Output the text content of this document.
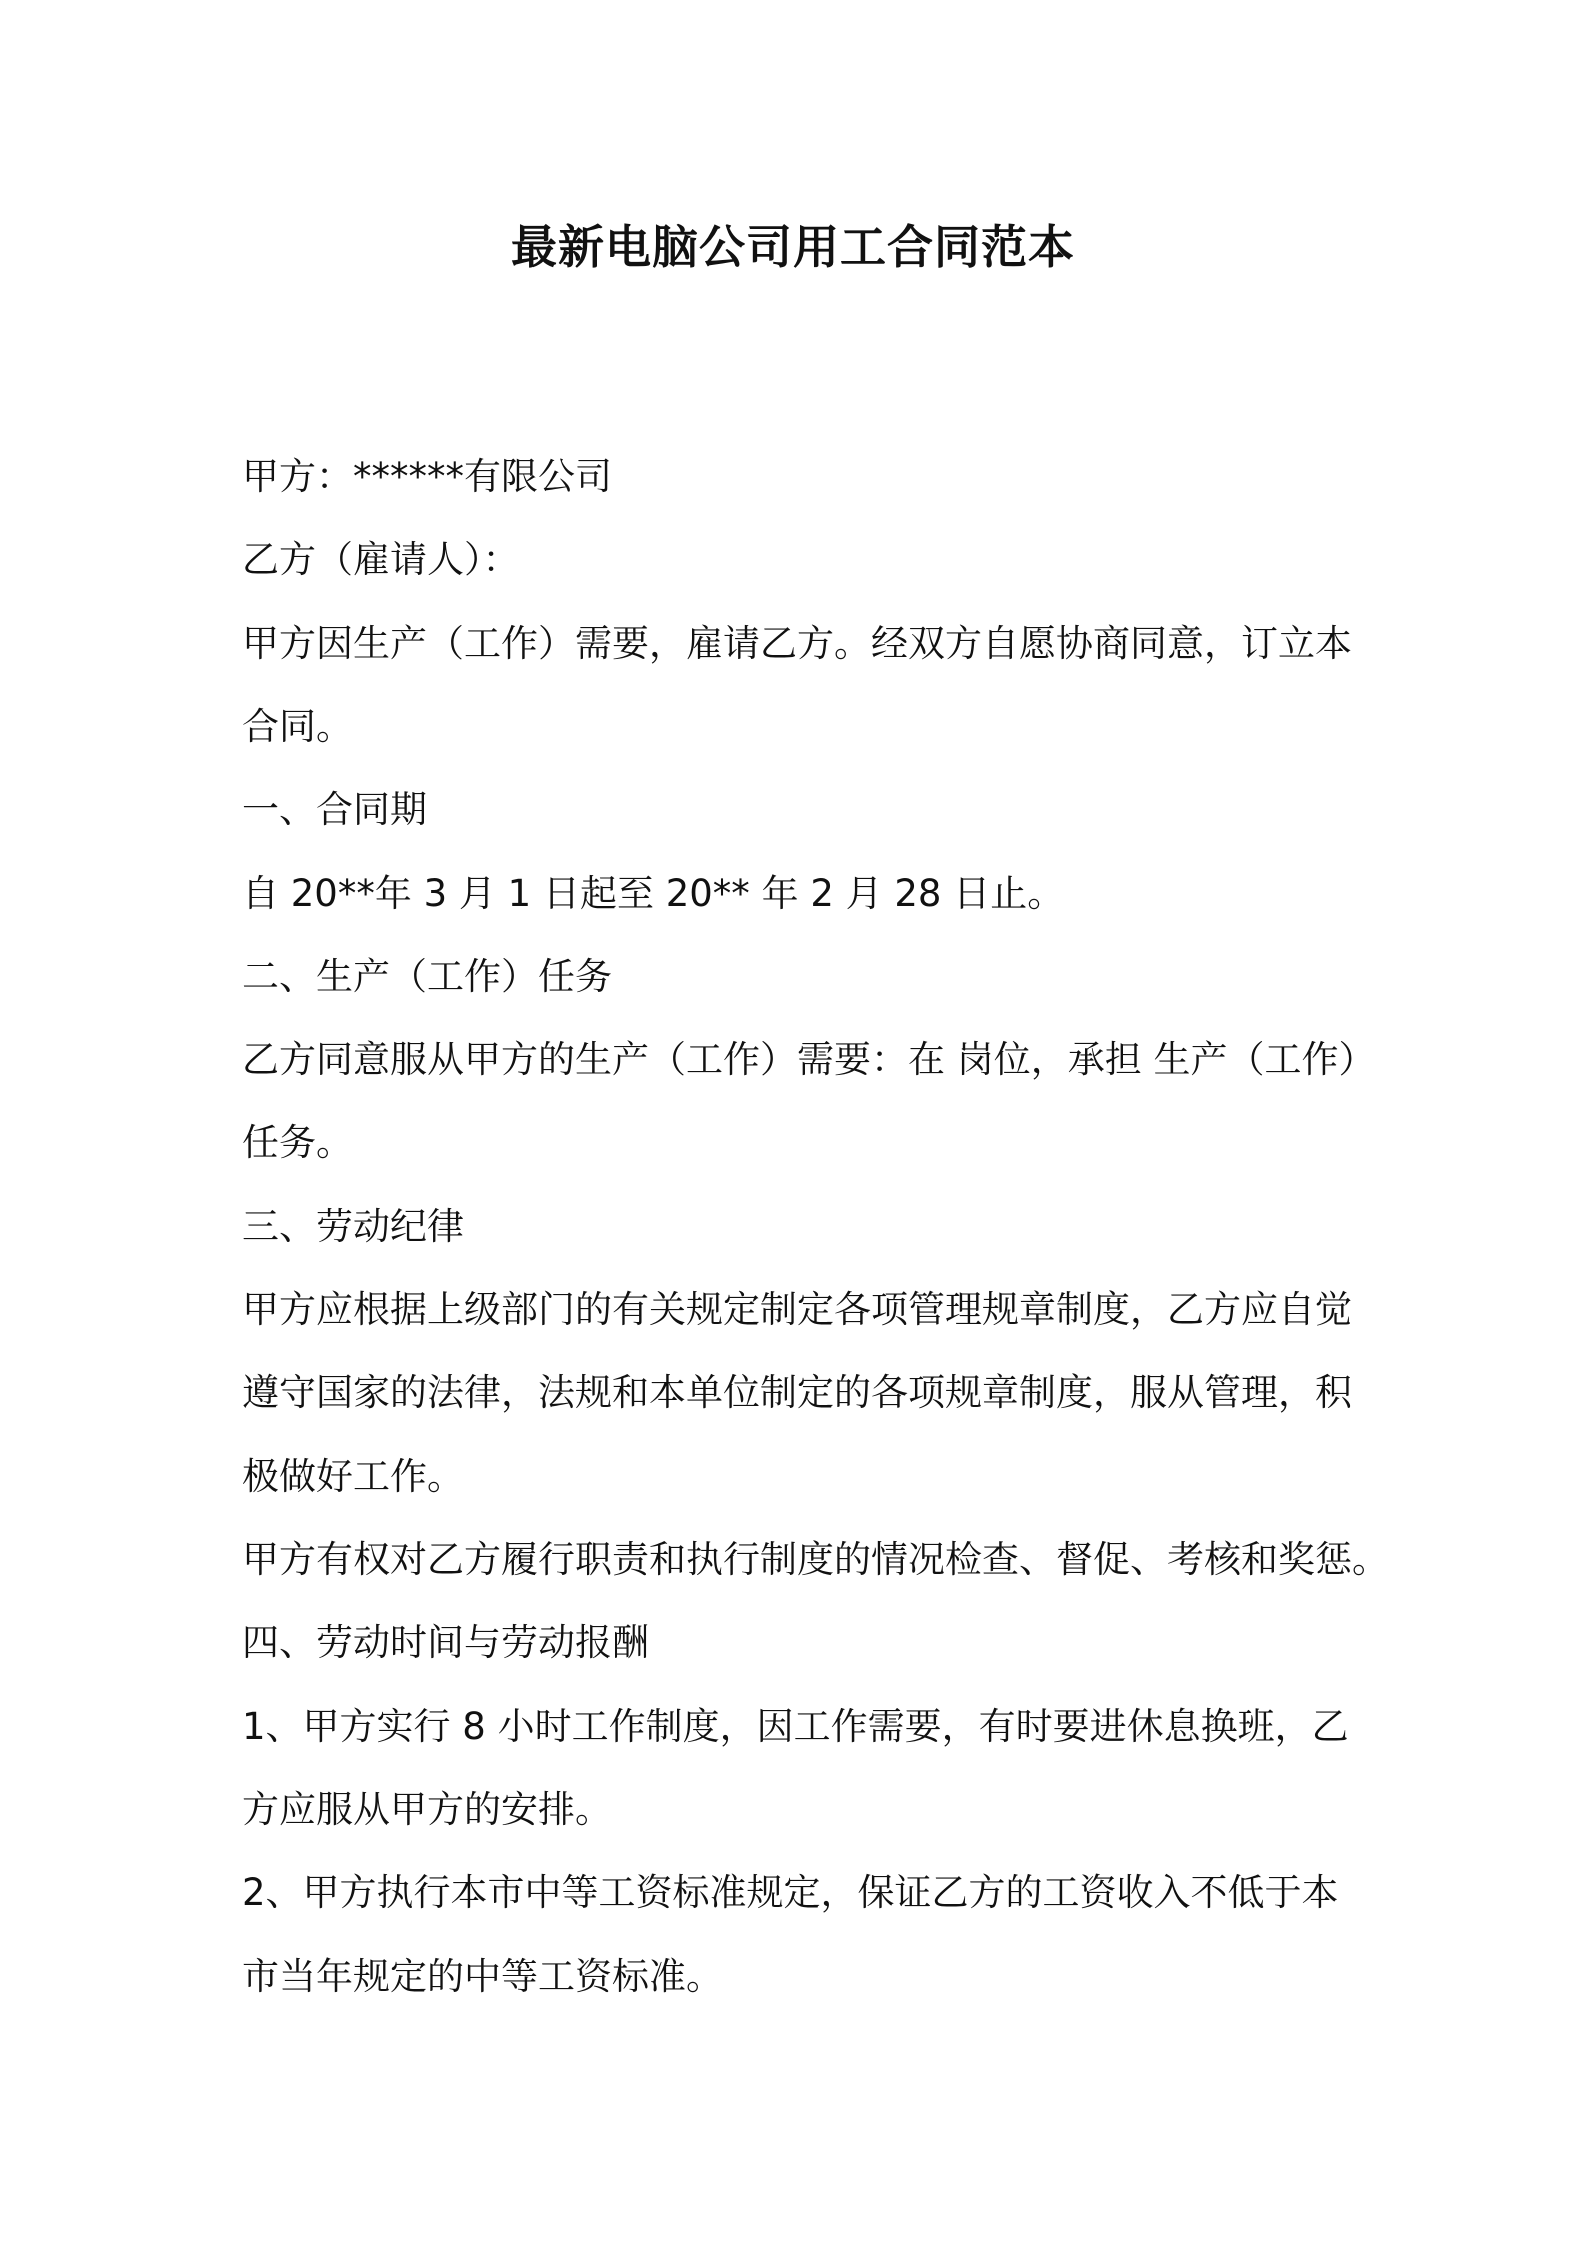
最新电脑公司用工合同范本

甲方：******有限公司

乙方（雇请人）：

甲方因生产（工作）需要，雇请乙方。经双方自愿协商同意，订立本

合同。

一、合同期

自 20**年 3 月 1 日起至 20** 年 2 月 28 日止。

二、生产（工作）任务

乙方同意服从甲方的生产（工作）需要：在 岗位，承担 生产（工作）

任务。

三、劳动纪律

甲方应根据上级部门的有关规定制定各项管理规章制度，乙方应自觉

遵守国家的法律，法规和本单位制定的各项规章制度，服从管理，积

极做好工作。

甲方有权对乙方履行职责和执行制度的情况检查、督促、考核和奖惩。

四、劳动时间与劳动报酬

1、甲方实行 8 小时工作制度，因工作需要，有时要进休息换班，乙

方应服从甲方的安排。

2、甲方执行本市中等工资标准规定，保证乙方的工资收入不低于本

市当年规定的中等工资标准。
